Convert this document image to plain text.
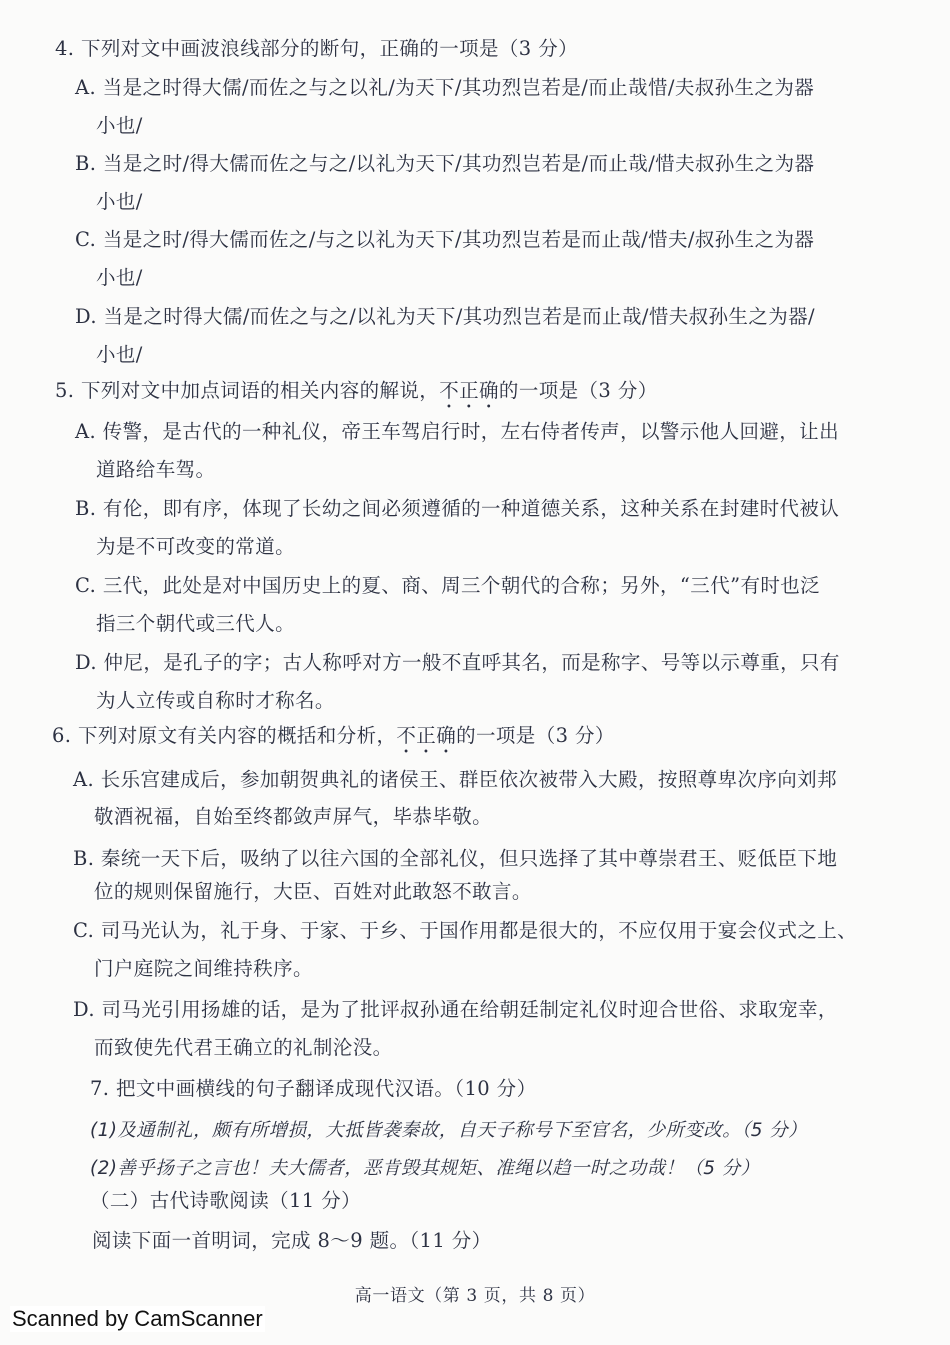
4. 下列对文中画波浪线部分的断句，正确的一项是（3 分）
A. 当是之时得大儒/而佐之与之以礼/为天下/其功烈岂若是/而止哉惜/夫叔孙生之为器
小也/
B. 当是之时/得大儒而佐之与之/以礼为天下/其功烈岂若是/而止哉/惜夫叔孙生之为器
小也/
C. 当是之时/得大儒而佐之/与之以礼为天下/其功烈岂若是而止哉/惜夫/叔孙生之为器
小也/
D. 当是之时得大儒/而佐之与之/以礼为天下/其功烈岂若是而止哉/惜夫叔孙生之为器/
小也/
5. 下列对文中加点词语的相关内容的解说，不正确的一项是（3 分）
A. 传警，是古代的一种礼仪，帝王车驾启行时，左右侍者传声，以警示他人回避，让出
道路给车驾。
B. 有伦，即有序，体现了长幼之间必须遵循的一种道德关系，这种关系在封建时代被认
为是不可改变的常道。
C. 三代，此处是对中国历史上的夏、商、周三个朝代的合称；另外，“三代”有时也泛
指三个朝代或三代人。
D. 仲尼，是孔子的字；古人称呼对方一般不直呼其名，而是称字、号等以示尊重，只有
为人立传或自称时才称名。
6. 下列对原文有关内容的概括和分析，不正确的一项是（3 分）
A. 长乐宫建成后，参加朝贺典礼的诸侯王、群臣依次被带入大殿，按照尊卑次序向刘邦
敬酒祝福，自始至终都敛声屏气，毕恭毕敬。
B. 秦统一天下后，吸纳了以往六国的全部礼仪，但只选择了其中尊崇君王、贬低臣下地
位的规则保留施行，大臣、百姓对此敢怒不敢言。
C. 司马光认为，礼于身、于家、于乡、于国作用都是很大的，不应仅用于宴会仪式之上、
门户庭院之间维持秩序。
D. 司马光引用扬雄的话，是为了批评叔孙通在给朝廷制定礼仪时迎合世俗、求取宠幸，
而致使先代君王确立的礼制沦没。
7. 把文中画横线的句子翻译成现代汉语。（10 分）
(1)及通制礼，颇有所增损，大抵皆袭秦故，自天子称号下至官名，少所变改。（5 分）
(2)善乎扬子之言也！夫大儒者，恶肯毁其规矩、准绳以趋一时之功哉！（5 分）
（二）古代诗歌阅读（11 分）
阅读下面一首明词，完成 8～9 题。（11 分）
高一语文（第 3 页，共 8 页）
Scanned by CamScanner
